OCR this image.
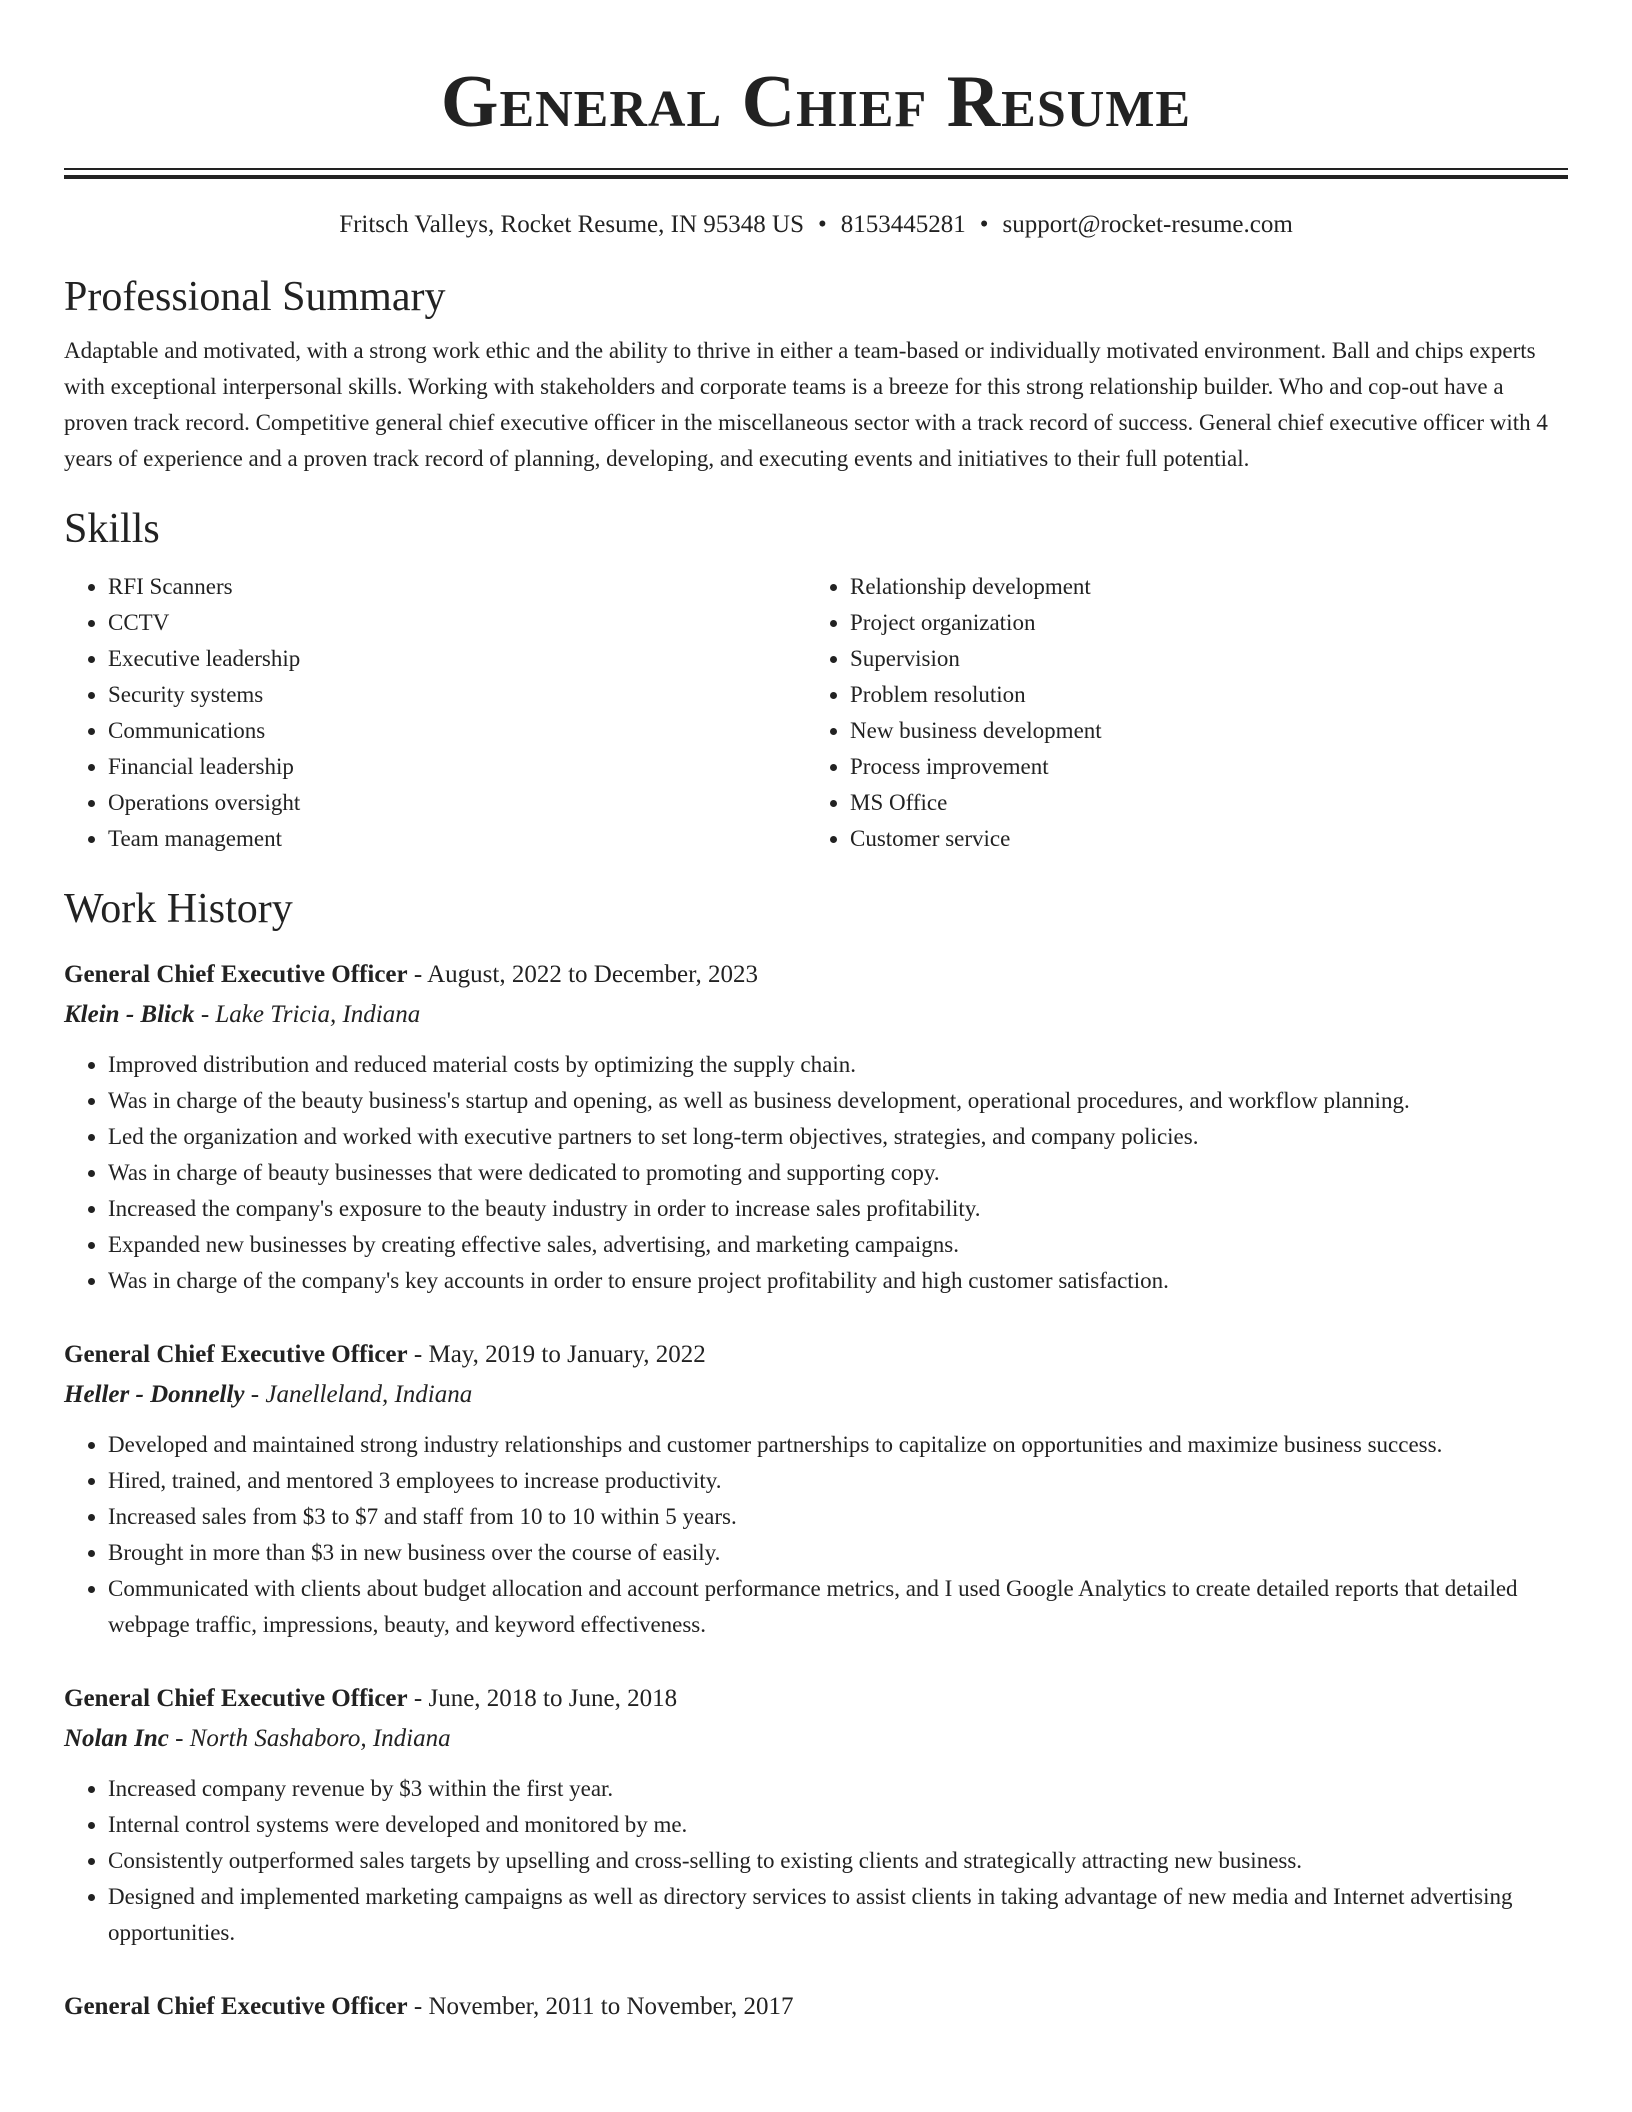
General Chief Resume
Fritsch Valleys, Rocket Resume, IN 95348 US • 8153445281 • support@rocket-resume.com
Professional Summary

Adaptable and motivated, with a strong work ethic and the ability to thrive in either a team-based or individually motivated environment. Ball and chips experts with exceptional interpersonal skills. Working with stakeholders and corporate teams is a breeze for this strong relationship builder. Who and cop-out have a proven track record. Competitive general chief executive officer in the miscellaneous sector with a track record of success. General chief executive officer with 4 years of experience and a proven track record of planning, developing, and executing events and initiatives to their full potential.

Skills
• RFI Scanners
• CCTV
• Executive leadership
• Security systems
• Communications
• Financial leadership
• Operations oversight
• Team management
• Relationship development
• Project organization
• Supervision
• Problem resolution
• New business development
• Process improvement
• MS Office
• Customer service
Work History
General Chief Executive Officer - August, 2022 to December, 2023
Klein - Blick - Lake Tricia, Indiana
• Improved distribution and reduced material costs by optimizing the supply chain.
• Was in charge of the beauty business's startup and opening, as well as business development, operational procedures, and workflow planning.
• Led the organization and worked with executive partners to set long-term objectives, strategies, and company policies.
• Was in charge of beauty businesses that were dedicated to promoting and supporting copy.
• Increased the company's exposure to the beauty industry in order to increase sales profitability.
• Expanded new businesses by creating effective sales, advertising, and marketing campaigns.
• Was in charge of the company's key accounts in order to ensure project profitability and high customer satisfaction.
General Chief Executive Officer - May, 2019 to January, 2022
Heller - Donnelly - Janelleland, Indiana
• Developed and maintained strong industry relationships and customer partnerships to capitalize on opportunities and maximize business success.
• Hired, trained, and mentored 3 employees to increase productivity.
• Increased sales from $3 to $7 and staff from 10 to 10 within 5 years.
• Brought in more than $3 in new business over the course of easily.
• Communicated with clients about budget allocation and account performance metrics, and I used Google Analytics to create detailed reports that detailed webpage traffic, impressions, beauty, and keyword effectiveness.
General Chief Executive Officer - June, 2018 to June, 2018
Nolan Inc - North Sashaboro, Indiana
• Increased company revenue by $3 within the first year.
• Internal control systems were developed and monitored by me.
• Consistently outperformed sales targets by upselling and cross-selling to existing clients and strategically attracting new business.
• Designed and implemented marketing campaigns as well as directory services to assist clients in taking advantage of new media and Internet advertising opportunities.
General Chief Executive Officer - November, 2011 to November, 2017
